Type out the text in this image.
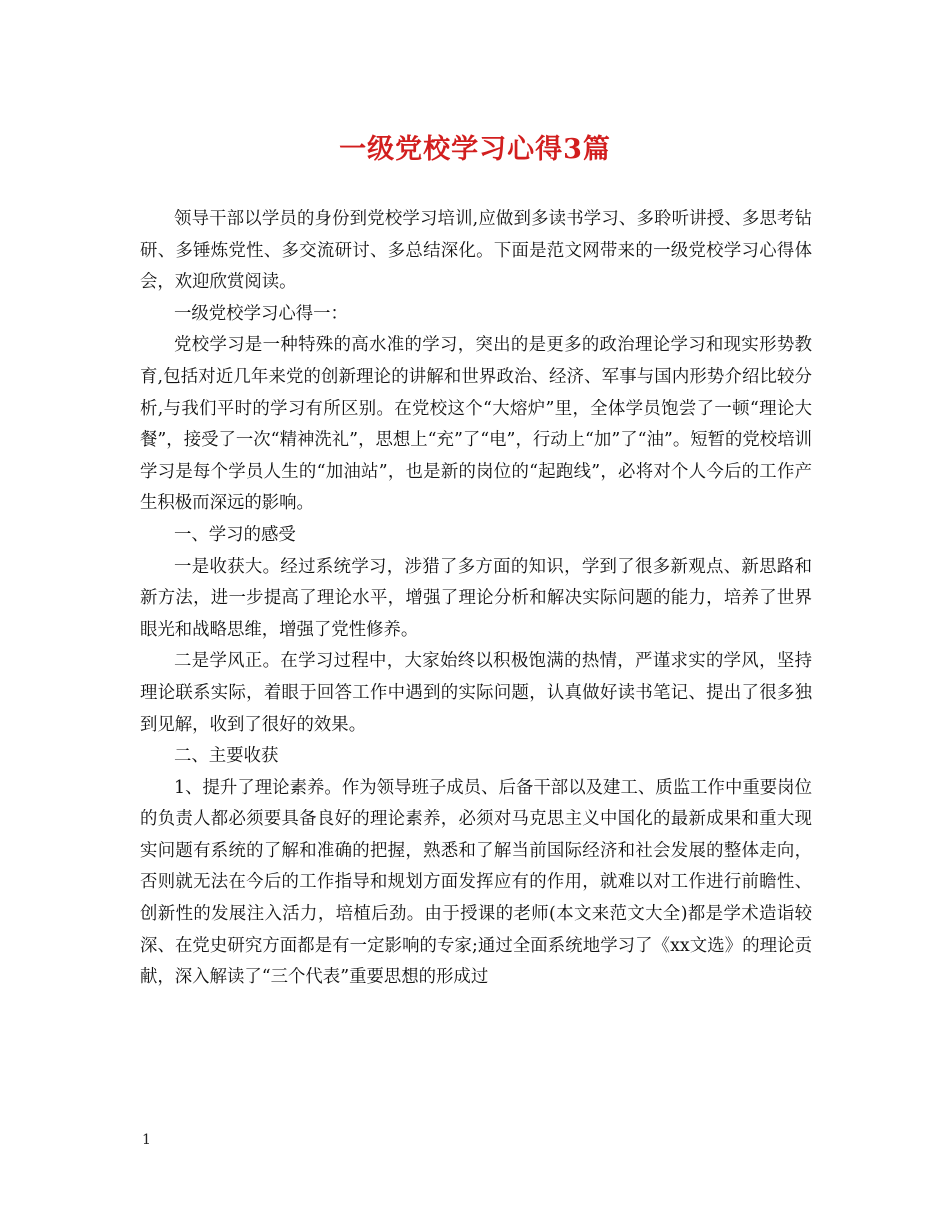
一级党校学习心得3篇

领导干部以学员的身份到党校学习培训,应做到多读书学习、多聆听讲授、多思考钻研、多锤炼党性、多交流研讨、多总结深化。下面是范文网带来的一级党校学习心得体会，欢迎欣赏阅读。

一级党校学习心得一：

党校学习是一种特殊的高水准的学习，突出的是更多的政治理论学习和现实形势教育,包括对近几年来党的创新理论的讲解和世界政治、经济、军事与国内形势介绍比较分析,与我们平时的学习有所区别。在党校这个“大熔炉”里，全体学员饱尝了一顿“理论大餐”，接受了一次“精神洗礼”，思想上“充”了“电”，行动上“加”了“油”。短暂的党校培训学习是每个学员人生的“加油站”，也是新的岗位的“起跑线”，必将对个人今后的工作产生积极而深远的影响。

一、学习的感受

一是收获大。经过系统学习，涉猎了多方面的知识，学到了很多新观点、新思路和新方法，进一步提高了理论水平，增强了理论分析和解决实际问题的能力，培养了世界眼光和战略思维，增强了党性修养。

二是学风正。在学习过程中，大家始终以积极饱满的热情，严谨求实的学风，坚持理论联系实际，着眼于回答工作中遇到的实际问题，认真做好读书笔记、提出了很多独到见解，收到了很好的效果。

二、主要收获

1、提升了理论素养。作为领导班子成员、后备干部以及建工、质监工作中重要岗位的负责人都必须要具备良好的理论素养，必须对马克思主义中国化的最新成果和重大现实问题有系统的了解和准确的把握，熟悉和了解当前国际经济和社会发展的整体走向，否则就无法在今后的工作指导和规划方面发挥应有的作用，就难以对工作进行前瞻性、创新性的发展注入活力，培植后劲。由于授课的老师(本文来范文大全)都是学术造诣较深、在党史研究方面都是有一定影响的专家;通过全面系统地学习了《xx文选》的理论贡献，深入解读了“三个代表”重要思想的形成过

1
